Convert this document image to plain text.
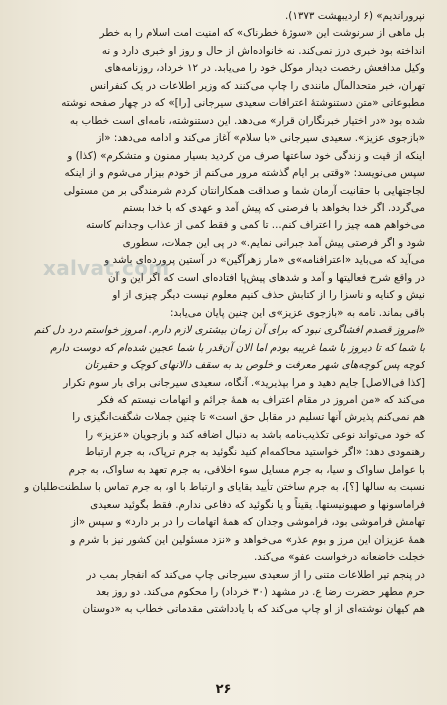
نپروراندیم» (۶ اردیبهشت ۱۳۷۳).
بل ماهی از سرنوشت این «سوژهٔ خطرناک» که امنیت امت اسلام را به خطر
انداخته بود خبری درز نمی‌کند. نه خانواده‌اش از حال و روز او خبری دارد و نه
وکیل مدافعش رخصت دیدار موکل خود را می‌یابد. در ۱۲ خرداد، روزنامه‌های
تهران، خبر متحدالمآل مانندی را چاپ می‌کنند که وزیر اطلاعات در یک کنفرانس
مطبوعاتی «متن دستنوشتهٔ اعترافات سعیدی سیرجانی [را]» که در چهار صفحه نوشته
شده بود «در اختیار خبرنگاران قرار» می‌دهد. این دستنوشته، نامه‌ای است خطاب به
«بازجوی عزیز». سعیدی سیرجانی «با سلام» آغاز می‌کند و ادامه می‌دهد: «از
اینکه از قیت و زندگی خود ساعتها صرف من کردید بسیار ممنون و متشکرم» (کذا) و
سپس می‌نویسد: «وقتی بر ایام گذشته مرور می‌کنم از خودم بیزار می‌شوم و از اینکه
لجاجتهایی با حقانیت آرمان شما و صداقت همکارانتان کردم شرمندگی بر من مستولی
می‌گردد. اگر خدا بخواهد با فرصتی که پیش آمد و عهدی که با خدا بستم
می‌خواهم همه چیز را اعتراف کنم... تا کمی و فقط کمی از عذاب وجدانم کاسته
شود و اگر فرصتی پیش آمد جبرانی نمایم.» در پی این جملات، سطوری
می‌آید که می‌باید «اعترافنامه»ی «مار زهرآگین» در آستین پرورده‌ای باشد و
در واقع شرح فعالیتها و آمد و شدهای پیش‌پا افتاده‌ای است که اگر این و آن
نیش و کنایه و ناسزا را از کتابش حذف کنیم معلوم نیست دیگر چیزی از او
باقی بماند. نامه به «بازجوی عزیز»ی این چنین پایان می‌یابد:
«امروز قصدم افشاگری نبود که برای آن زمان بیشتری لازم دارم. امروز خواستم درد دل کنم
با شما که تا دیروز با شما غریبه بودم اما الان آن‌قدر با شما عجین شده‌ام که دوست دارم
کوچه پس کوچه‌های شهر معرفت و خلوص بد به سقف دالانهای کوچک و حقیرتان
[کذا فی‌الاصل] جایم دهید و مرا بپذیرید». آنگاه، سعیدی سیرجانی برای بار سوم تکرار
می‌کند که «من امروز در مقام اعتراف به همهٔ جرائم و اتهامات نیستم که فکر
هم نمی‌کنم پذیرش آنها تسلیم در مقابل حق است» تا چنین جملات شگفت‌انگیزی را
که خود می‌تواند نوعی تکذیب‌نامه باشد به دنبال اضافه کند و بازجویان «عزیز» را
رهنمودی دهد: «اگر خواستید محاکمه‌ام کنید نگوئید به جرم ترپاک، به جرم ارتباط
با عوامل ساواک و سیا، به جرم مسایل سوء اخلاقی، به جرم تعهد به ساواک، به جرم
نسبت به سالها [؟]، به جرم ساختن تأیید بقایای و ارتباط با او، به جرم تماس با سلطنت‌طلبان و
فراماسونها و صهیونیستها. یقیناً و یا نگوئید که دفاعی ندارم. فقط بگوئید سعیدی
تهامش فراموشی بود، فراموشی وجدان که همهٔ اتهامات را در بر دارد» و سپس «از
همهٔ عزیزان این مرز و بوم عذر» می‌خواهد و «نزد مسئولین این کشور نیز با شرم و
خجلت خاضعانه درخواست عفو» می‌کند.
در پنجم تیر اطلاعات متنی را از سعیدی سیرجانی چاپ می‌کند که انفجار بمب در
حرم مطهر حضرت رضا ع. در مشهد (۳۰ خرداد) را محکوم می‌کند. دو روز بعد
هم کیهان نوشته‌ای از او چاپ می‌کند که با یادداشتی مقدماتی خطاب به «دوستان
xalvat.com
۲۶
